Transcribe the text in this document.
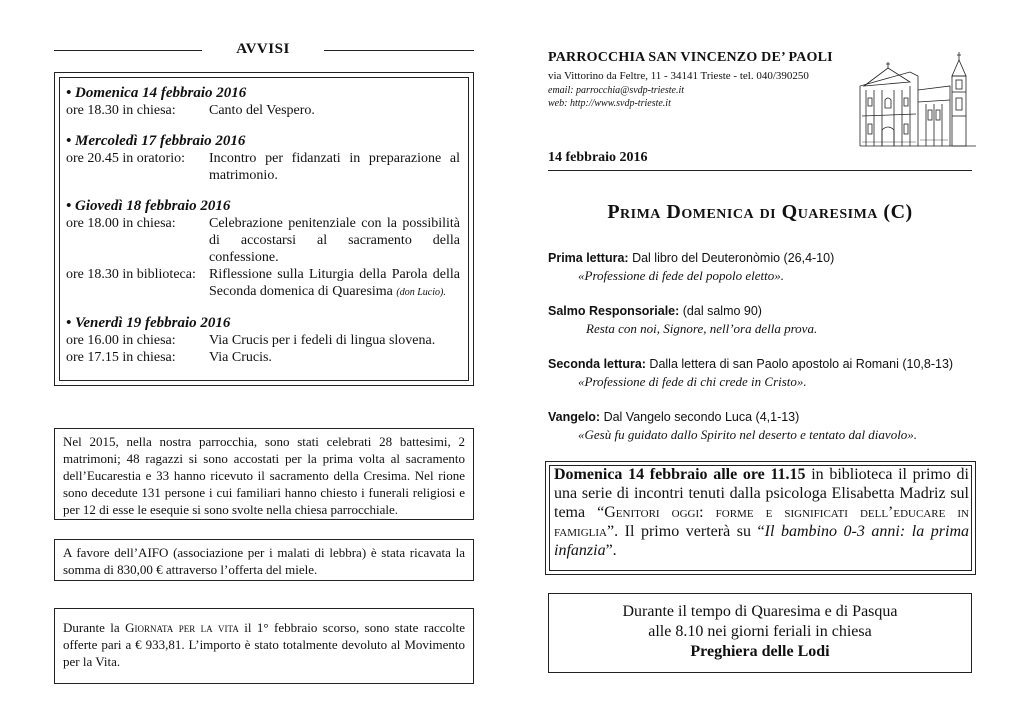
AVVISI
• Domenica 14 febbraio 2016
ore 18.30 in chiesa:	Canto del Vespero.
• Mercoledì 17 febbraio 2016
ore 20.45 in oratorio:	Incontro per fidanzati in preparazione al matrimonio.
• Giovedì 18 febbraio 2016
ore 18.00 in chiesa:	Celebrazione penitenziale con la possibilità di accostarsi al sacramento della confessione.
ore 18.30 in biblioteca: Riflessione sulla Liturgia della Parola della Seconda domenica di Quaresima (don Lucio).
• Venerdì 19 febbraio 2016
ore 16.00 in chiesa:	Via Crucis per i fedeli di lingua slovena.
ore 17.15 in chiesa:	Via Crucis.

Nel 2015, nella nostra parrocchia, sono stati celebrati 28 battesimi, 2 matrimoni; 48 ragazzi si sono accostati per la prima volta al sacramento dell’Eucarestia e 33 hanno ricevuto il sacramento della Cresima. Nel rione sono decedute 131 persone i cui familiari hanno chiesto i funerali religiosi e per 12 di esse le esequie si sono svolte nella chiesa parrocchiale.

A favore dell’AIFO (associazione per i malati di lebbra) è stata ricavata la somma di 830,00 € attraverso l’offerta del miele.

Durante la Giornata per la vita il 1° febbraio scorso, sono state raccolte offerte pari a € 933,81. L’importo è stato totalmente devoluto al Movimento per la Vita.

PARROCCHIA SAN VINCENZO DE’ PAOLI
via Vittorino da Feltre, 11 - 34141 Trieste - tel. 040/390250
email: parrocchia@svdp-trieste.it
web: http://www.svdp-trieste.it
14 febbraio 2016
Prima Domenica di Quaresima (C)
Prima lettura: Dal libro del Deuteronòmio (26,4-10)
«Professione di fede del popolo eletto».
Salmo Responsoriale: (dal salmo 90)
Resta con noi, Signore, nell’ora della prova.
Seconda lettura: Dalla lettera di san Paolo apostolo ai Romani (10,8-13)
«Professione di fede di chi crede in Cristo».
Vangelo: Dal Vangelo secondo Luca (4,1-13)
«Gesù fu guidato dallo Spirito nel deserto e tentato dal diavolo».

Domenica 14 febbraio alle ore 11.15 in biblioteca il primo di una serie di incontri tenuti dalla psicologa Elisabetta Madriz sul tema “Genitori oggi: forme e significati dell’educare in famiglia”. Il primo verterà su “Il bambino 0-3 anni: la prima infanzia”.

Durante il tempo di Quaresima e di Pasqua
alle 8.10 nei giorni feriali in chiesa
Preghiera delle Lodi
